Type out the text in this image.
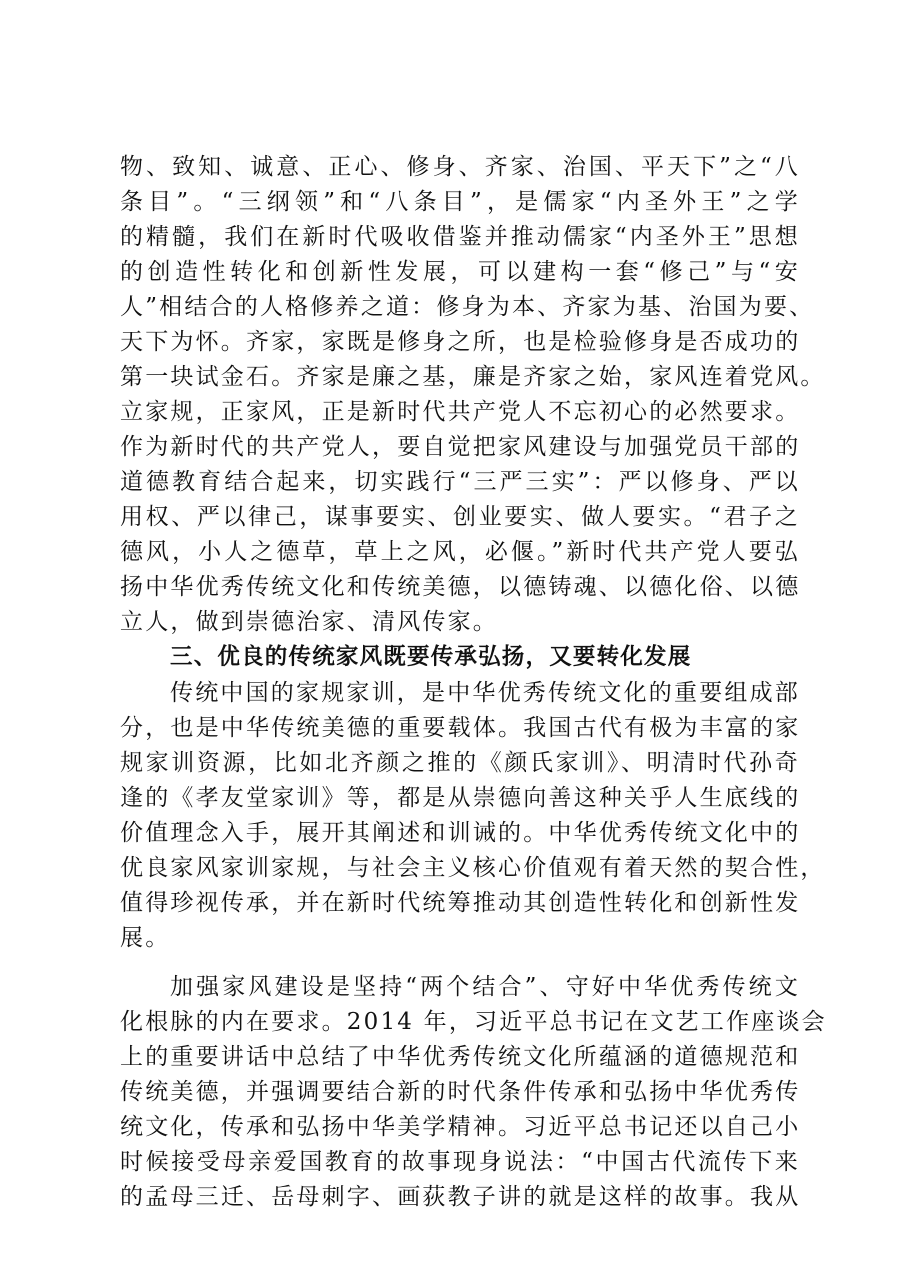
物、致知、诚意、正心、修身、齐家、治国、平天下”之“八
条目”。“三纲领”和“八条目”，是儒家“内圣外王”之学
的精髓，我们在新时代吸收借鉴并推动儒家“内圣外王”思想
的创造性转化和创新性发展，可以建构一套“修己”与“安
人”相结合的人格修养之道：修身为本、齐家为基、治国为要、
天下为怀。齐家，家既是修身之所，也是检验修身是否成功的
第一块试金石。齐家是廉之基，廉是齐家之始，家风连着党风。
立家规，正家风，正是新时代共产党人不忘初心的必然要求。
作为新时代的共产党人，要自觉把家风建设与加强党员干部的
道德教育结合起来，切实践行“三严三实”：严以修身、严以
用权、严以律己，谋事要实、创业要实、做人要实。“君子之
德风，小人之德草，草上之风，必偃。”新时代共产党人要弘
扬中华优秀传统文化和传统美德，以德铸魂、以德化俗、以德
立人，做到崇德治家、清风传家。
三、优良的传统家风既要传承弘扬，又要转化发展
传统中国的家规家训，是中华优秀传统文化的重要组成部
分，也是中华传统美德的重要载体。我国古代有极为丰富的家
规家训资源，比如北齐颜之推的《颜氏家训》、明清时代孙奇
逢的《孝友堂家训》等，都是从崇德向善这种关乎人生底线的
价值理念入手，展开其阐述和训诫的。中华优秀传统文化中的
优良家风家训家规，与社会主义核心价值观有着天然的契合性，
值得珍视传承，并在新时代统筹推动其创造性转化和创新性发
展。
加强家风建设是坚持“两个结合”、守好中华优秀传统文
化根脉的内在要求。2014 年，习近平总书记在文艺工作座谈会
上的重要讲话中总结了中华优秀传统文化所蕴涵的道德规范和
传统美德，并强调要结合新的时代条件传承和弘扬中华优秀传
统文化，传承和弘扬中华美学精神。习近平总书记还以自己小
时候接受母亲爱国教育的故事现身说法：“中国古代流传下来
的孟母三迁、岳母刺字、画荻教子讲的就是这样的故事。我从
